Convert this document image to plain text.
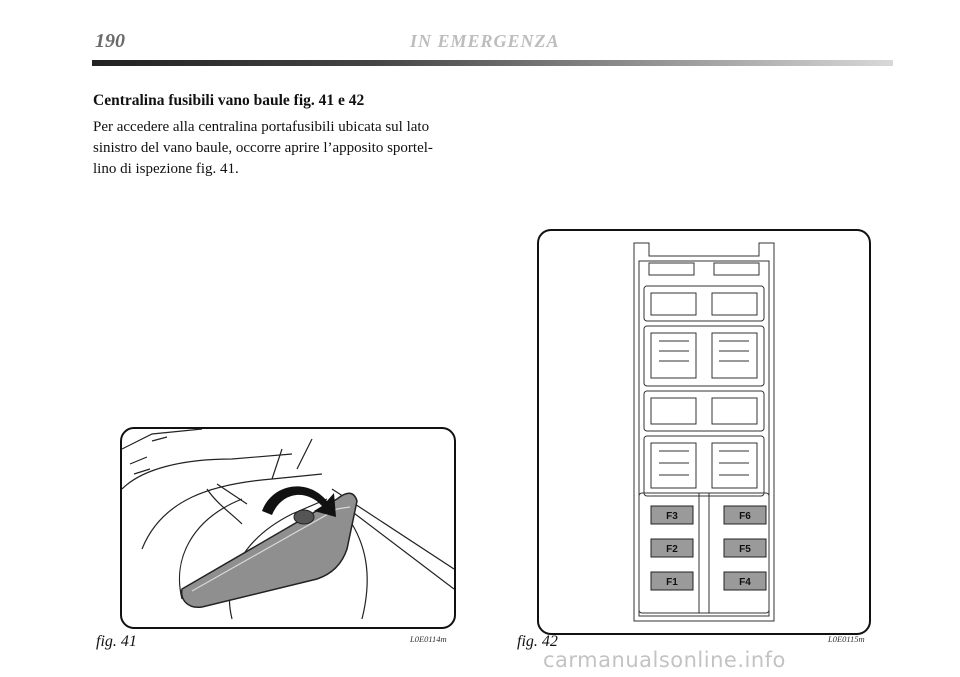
190	IN EMERGENZA
Centralina fusibili vano baule fig. 41 e 42
Per accedere alla centralina portafusibili ubicata sul lato
sinistro del vano baule, occorre aprire l’apposito sportel-
lino di ispezione fig. 41.
fig. 41	L0E0114m
F3	F6
F2	F5
F1	F4
fig. 42	L0E0115m
carmanualsonline.info
